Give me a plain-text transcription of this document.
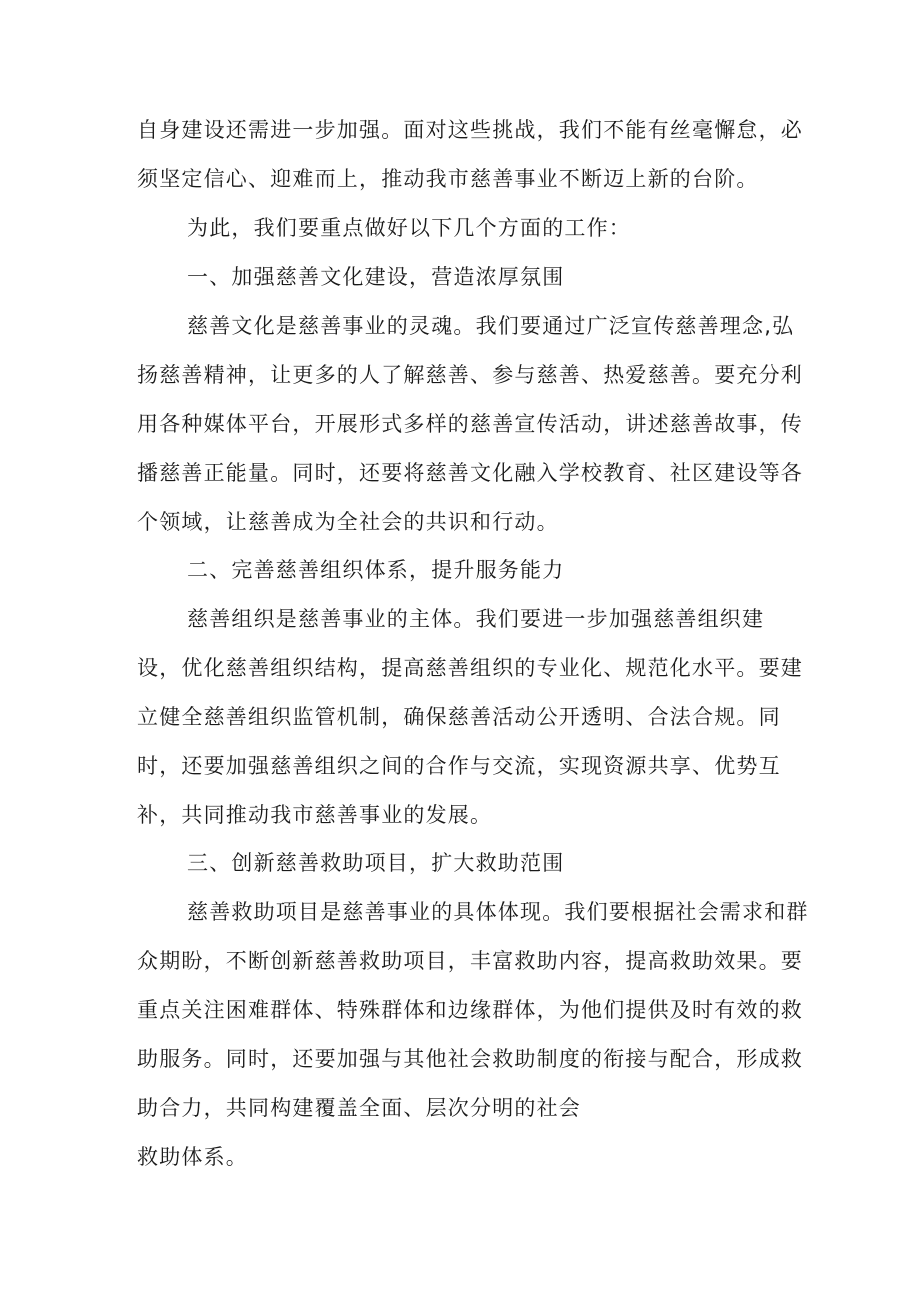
自身建设还需进一步加强。面对这些挑战，我们不能有丝毫懈怠，必
须坚定信心、迎难而上，推动我市慈善事业不断迈上新的台阶。
为此，我们要重点做好以下几个方面的工作：
一、加强慈善文化建设，营造浓厚氛围
慈善文化是慈善事业的灵魂。我们要通过广泛宣传慈善理念,弘
扬慈善精神，让更多的人了解慈善、参与慈善、热爱慈善。要充分利
用各种媒体平台，开展形式多样的慈善宣传活动，讲述慈善故事，传
播慈善正能量。同时，还要将慈善文化融入学校教育、社区建设等各
个领域，让慈善成为全社会的共识和行动。
二、完善慈善组织体系，提升服务能力
慈善组织是慈善事业的主体。我们要进一步加强慈善组织建
设，优化慈善组织结构，提高慈善组织的专业化、规范化水平。要建
立健全慈善组织监管机制，确保慈善活动公开透明、合法合规。同
时，还要加强慈善组织之间的合作与交流，实现资源共享、优势互
补，共同推动我市慈善事业的发展。
三、创新慈善救助项目，扩大救助范围
慈善救助项目是慈善事业的具体体现。我们要根据社会需求和群
众期盼，不断创新慈善救助项目，丰富救助内容，提高救助效果。要
重点关注困难群体、特殊群体和边缘群体，为他们提供及时有效的救
助服务。同时，还要加强与其他社会救助制度的衔接与配合，形成救
助合力，共同构建覆盖全面、层次分明的社会
救助体系。
